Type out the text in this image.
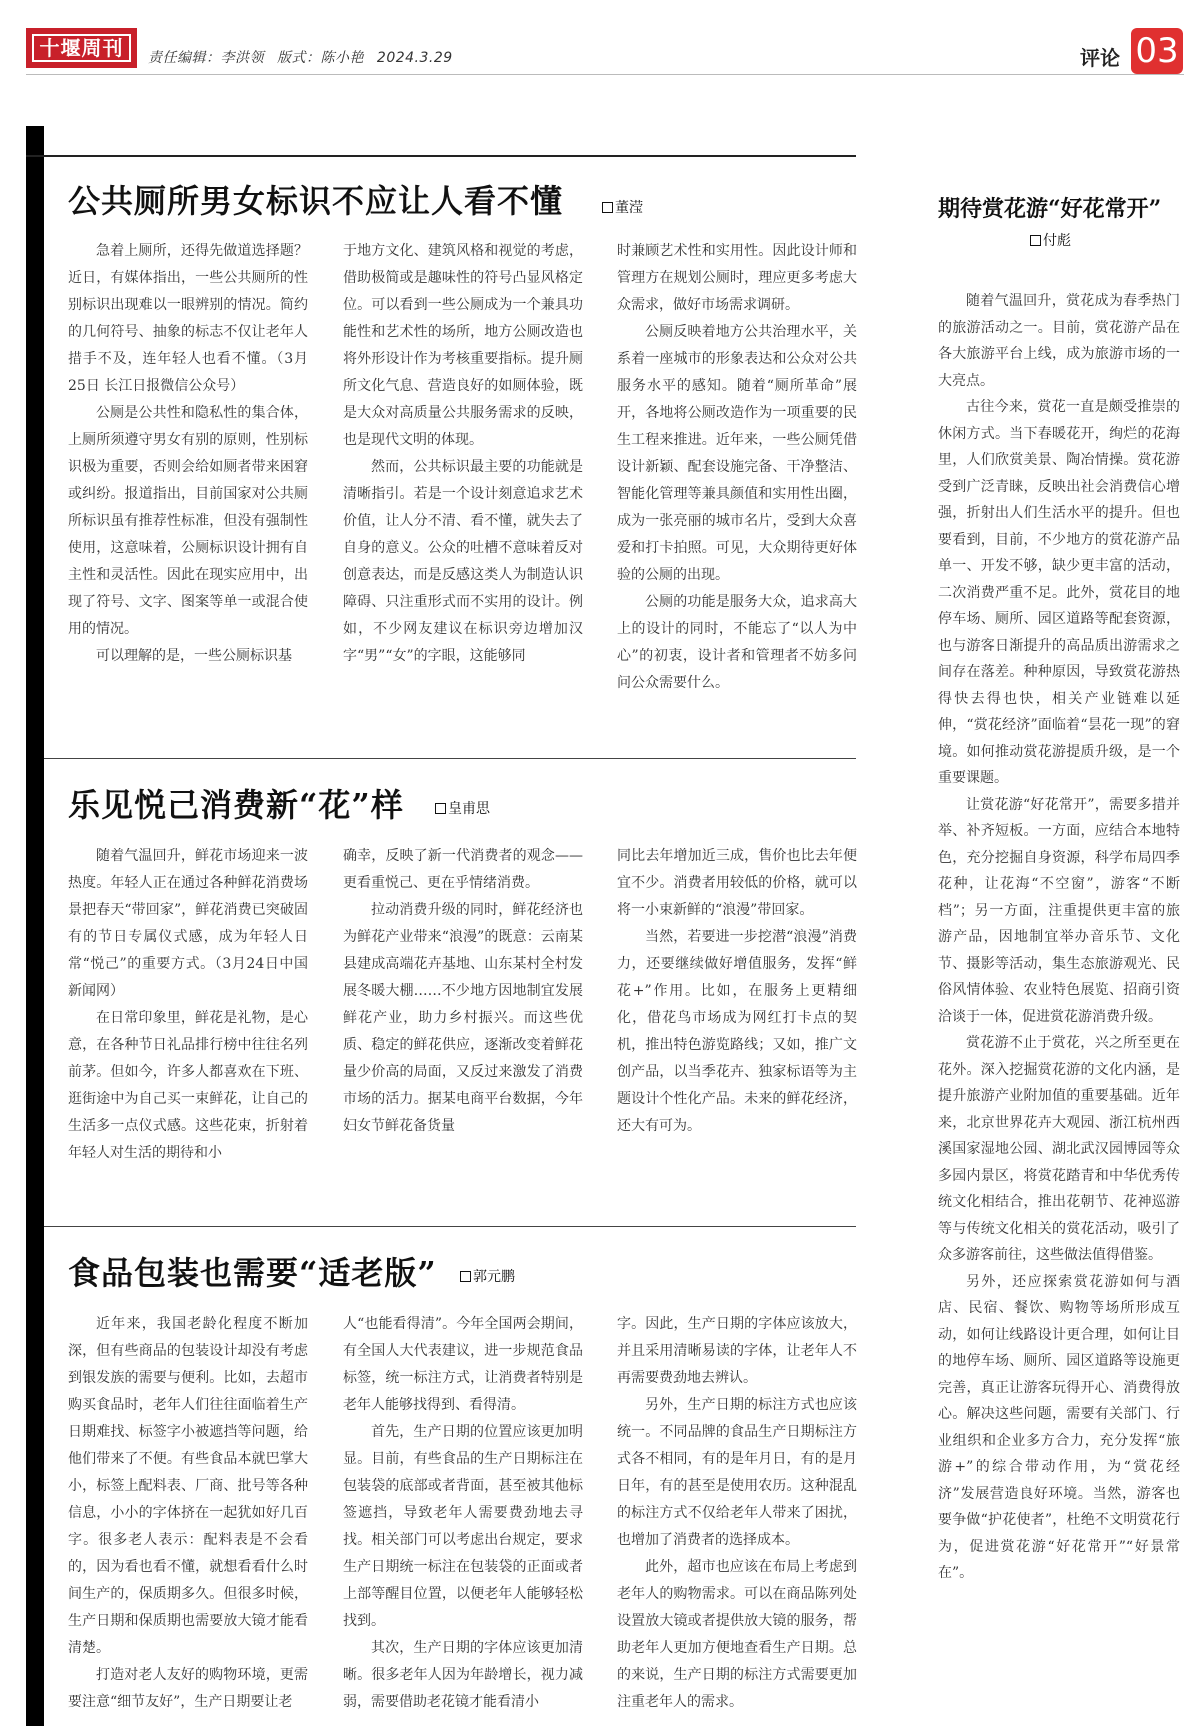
十堰周刊	责任编辑：李洪领 版式：陈小艳 2024.3.29	评论 03
公共厕所男女标识不应让人看不懂	董滢

急着上厕所，还得先做道选择题？近日，有媒体指出，一些公共厕所的性别标识出现难以一眼辨别的情况。简约的几何符号、抽象的标志不仅让老年人措手不及，连年轻人也看不懂。（3月25日 长江日报微信公众号）

公厕是公共性和隐私性的集合体，上厕所须遵守男女有别的原则，性别标识极为重要，否则会给如厕者带来困窘或纠纷。报道指出，目前国家对公共厕所标识虽有推荐性标准，但没有强制性使用，这意味着，公厕标识设计拥有自主性和灵活性。因此在现实应用中，出现了符号、文字、图案等单一或混合使用的情况。

可以理解的是，一些公厕标识基

于地方文化、建筑风格和视觉的考虑，借助极简或是趣味性的符号凸显风格定位。可以看到一些公厕成为一个兼具功能性和艺术性的场所，地方公厕改造也将外形设计作为考核重要指标。提升厕所文化气息、营造良好的如厕体验，既是大众对高质量公共服务需求的反映，也是现代文明的体现。

然而，公共标识最主要的功能就是清晰指引。若是一个设计刻意追求艺术价值，让人分不清、看不懂，就失去了自身的意义。公众的吐槽不意味着反对创意表达，而是反感这类人为制造认识障碍、只注重形式而不实用的设计。例如，不少网友建议在标识旁边增加汉字“男”“女”的字眼，这能够同

时兼顾艺术性和实用性。因此设计师和管理方在规划公厕时，理应更多考虑大众需求，做好市场需求调研。

公厕反映着地方公共治理水平，关系着一座城市的形象表达和公众对公共服务水平的感知。随着“厕所革命”展开，各地将公厕改造作为一项重要的民生工程来推进。近年来，一些公厕凭借设计新颖、配套设施完备、干净整洁、智能化管理等兼具颜值和实用性出圈，成为一张亮丽的城市名片，受到大众喜爱和打卡拍照。可见，大众期待更好体验的公厕的出现。

公厕的功能是服务大众，追求高大上的设计的同时，不能忘了“以人为中心”的初衷，设计者和管理者不妨多问问公众需要什么。

乐见悦己消费新“花”样	皇甫思

随着气温回升，鲜花市场迎来一波热度。年轻人正在通过各种鲜花消费场景把春天“带回家”，鲜花消费已突破固有的节日专属仪式感，成为年轻人日常“悦己”的重要方式。（3月24日中国新闻网）

在日常印象里，鲜花是礼物，是心意，在各种节日礼品排行榜中往往名列前茅。但如今，许多人都喜欢在下班、逛街途中为自己买一束鲜花，让自己的生活多一点仪式感。这些花束，折射着年轻人对生活的期待和小

确幸，反映了新一代消费者的观念——更看重悦己、更在乎情绪消费。

拉动消费升级的同时，鲜花经济也为鲜花产业带来“浪漫”的既意：云南某县建成高端花卉基地、山东某村全村发展冬暖大棚……不少地方因地制宜发展鲜花产业，助力乡村振兴。而这些优质、稳定的鲜花供应，逐渐改变着鲜花量少价高的局面，又反过来激发了消费市场的活力。据某电商平台数据，今年妇女节鲜花备货量

同比去年增加近三成，售价也比去年便宜不少。消费者用较低的价格，就可以将一小束新鲜的“浪漫”带回家。

当然，若要进一步挖潜“浪漫”消费力，还要继续做好增值服务，发挥“鲜花+”作用。比如，在服务上更精细化，借花鸟市场成为网红打卡点的契机，推出特色游览路线；又如，推广文创产品，以当季花卉、独家标语等为主题设计个性化产品。未来的鲜花经济，还大有可为。

食品包装也需要“适老版”	郭元鹏

近年来，我国老龄化程度不断加深，但有些商品的包装设计却没有考虑到银发族的需要与便利。比如，去超市购买食品时，老年人们往往面临着生产日期难找、标签字小被遮挡等问题，给他们带来了不便。有些食品本就巴掌大小，标签上配料表、厂商、批号等各种信息，小小的字体挤在一起犹如好几百字。很多老人表示：配料表是不会看的，因为看也看不懂，就想看看什么时间生产的，保质期多久。但很多时候，生产日期和保质期也需要放大镜才能看清楚。

打造对老人友好的购物环境，更需要注意“细节友好”，生产日期要让老

人“也能看得清”。今年全国两会期间，有全国人大代表建议，进一步规范食品标签，统一标注方式，让消费者特别是老年人能够找得到、看得清。

首先，生产日期的位置应该更加明显。目前，有些食品的生产日期标注在包装袋的底部或者背面，甚至被其他标签遮挡，导致老年人需要费劲地去寻找。相关部门可以考虑出台规定，要求生产日期统一标注在包装袋的正面或者上部等醒目位置，以便老年人能够轻松找到。

其次，生产日期的字体应该更加清晰。很多老年人因为年龄增长，视力减弱，需要借助老花镜才能看清小

字。因此，生产日期的字体应该放大，并且采用清晰易读的字体，让老年人不再需要费劲地去辨认。

另外，生产日期的标注方式也应该统一。不同品牌的食品生产日期标注方式各不相同，有的是年月日，有的是月日年，有的甚至是使用农历。这种混乱的标注方式不仅给老年人带来了困扰，也增加了消费者的选择成本。

此外，超市也应该在布局上考虑到老年人的购物需求。可以在商品陈列处设置放大镜或者提供放大镜的服务，帮助老年人更加方便地查看生产日期。总的来说，生产日期的标注方式需要更加注重老年人的需求。

期待赏花游“好花常开”
付彪

随着气温回升，赏花成为春季热门的旅游活动之一。目前，赏花游产品在各大旅游平台上线，成为旅游市场的一大亮点。

古往今来，赏花一直是颇受推崇的休闲方式。当下春暖花开，绚烂的花海里，人们欣赏美景、陶冶情操。赏花游受到广泛青睐，反映出社会消费信心增强，折射出人们生活水平的提升。但也要看到，目前，不少地方的赏花游产品单一、开发不够，缺少更丰富的活动，二次消费严重不足。此外，赏花目的地停车场、厕所、园区道路等配套资源，也与游客日渐提升的高品质出游需求之间存在落差。种种原因，导致赏花游热得快去得也快，相关产业链难以延伸，“赏花经济”面临着“昙花一现”的窘境。如何推动赏花游提质升级，是一个重要课题。

让赏花游“好花常开”，需要多措并举、补齐短板。一方面，应结合本地特色，充分挖掘自身资源，科学布局四季花种，让花海“不空窗”，游客“不断档”；另一方面，注重提供更丰富的旅游产品，因地制宜举办音乐节、文化节、摄影等活动，集生态旅游观光、民俗风情体验、农业特色展览、招商引资洽谈于一体，促进赏花游消费升级。

赏花游不止于赏花，兴之所至更在花外。深入挖掘赏花游的文化内涵，是提升旅游产业附加值的重要基础。近年来，北京世界花卉大观园、浙江杭州西溪国家湿地公园、湖北武汉园博园等众多园内景区，将赏花踏青和中华优秀传统文化相结合，推出花朝节、花神巡游等与传统文化相关的赏花活动，吸引了众多游客前往，这些做法值得借鉴。

另外，还应探索赏花游如何与酒店、民宿、餐饮、购物等场所形成互动，如何让线路设计更合理，如何让目的地停车场、厕所、园区道路等设施更完善，真正让游客玩得开心、消费得放心。解决这些问题，需要有关部门、行业组织和企业多方合力，充分发挥“旅游+”的综合带动作用，为“赏花经济”发展营造良好环境。当然，游客也要争做“护花使者”，杜绝不文明赏花行为，促进赏花游“好花常开”“好景常在”。
